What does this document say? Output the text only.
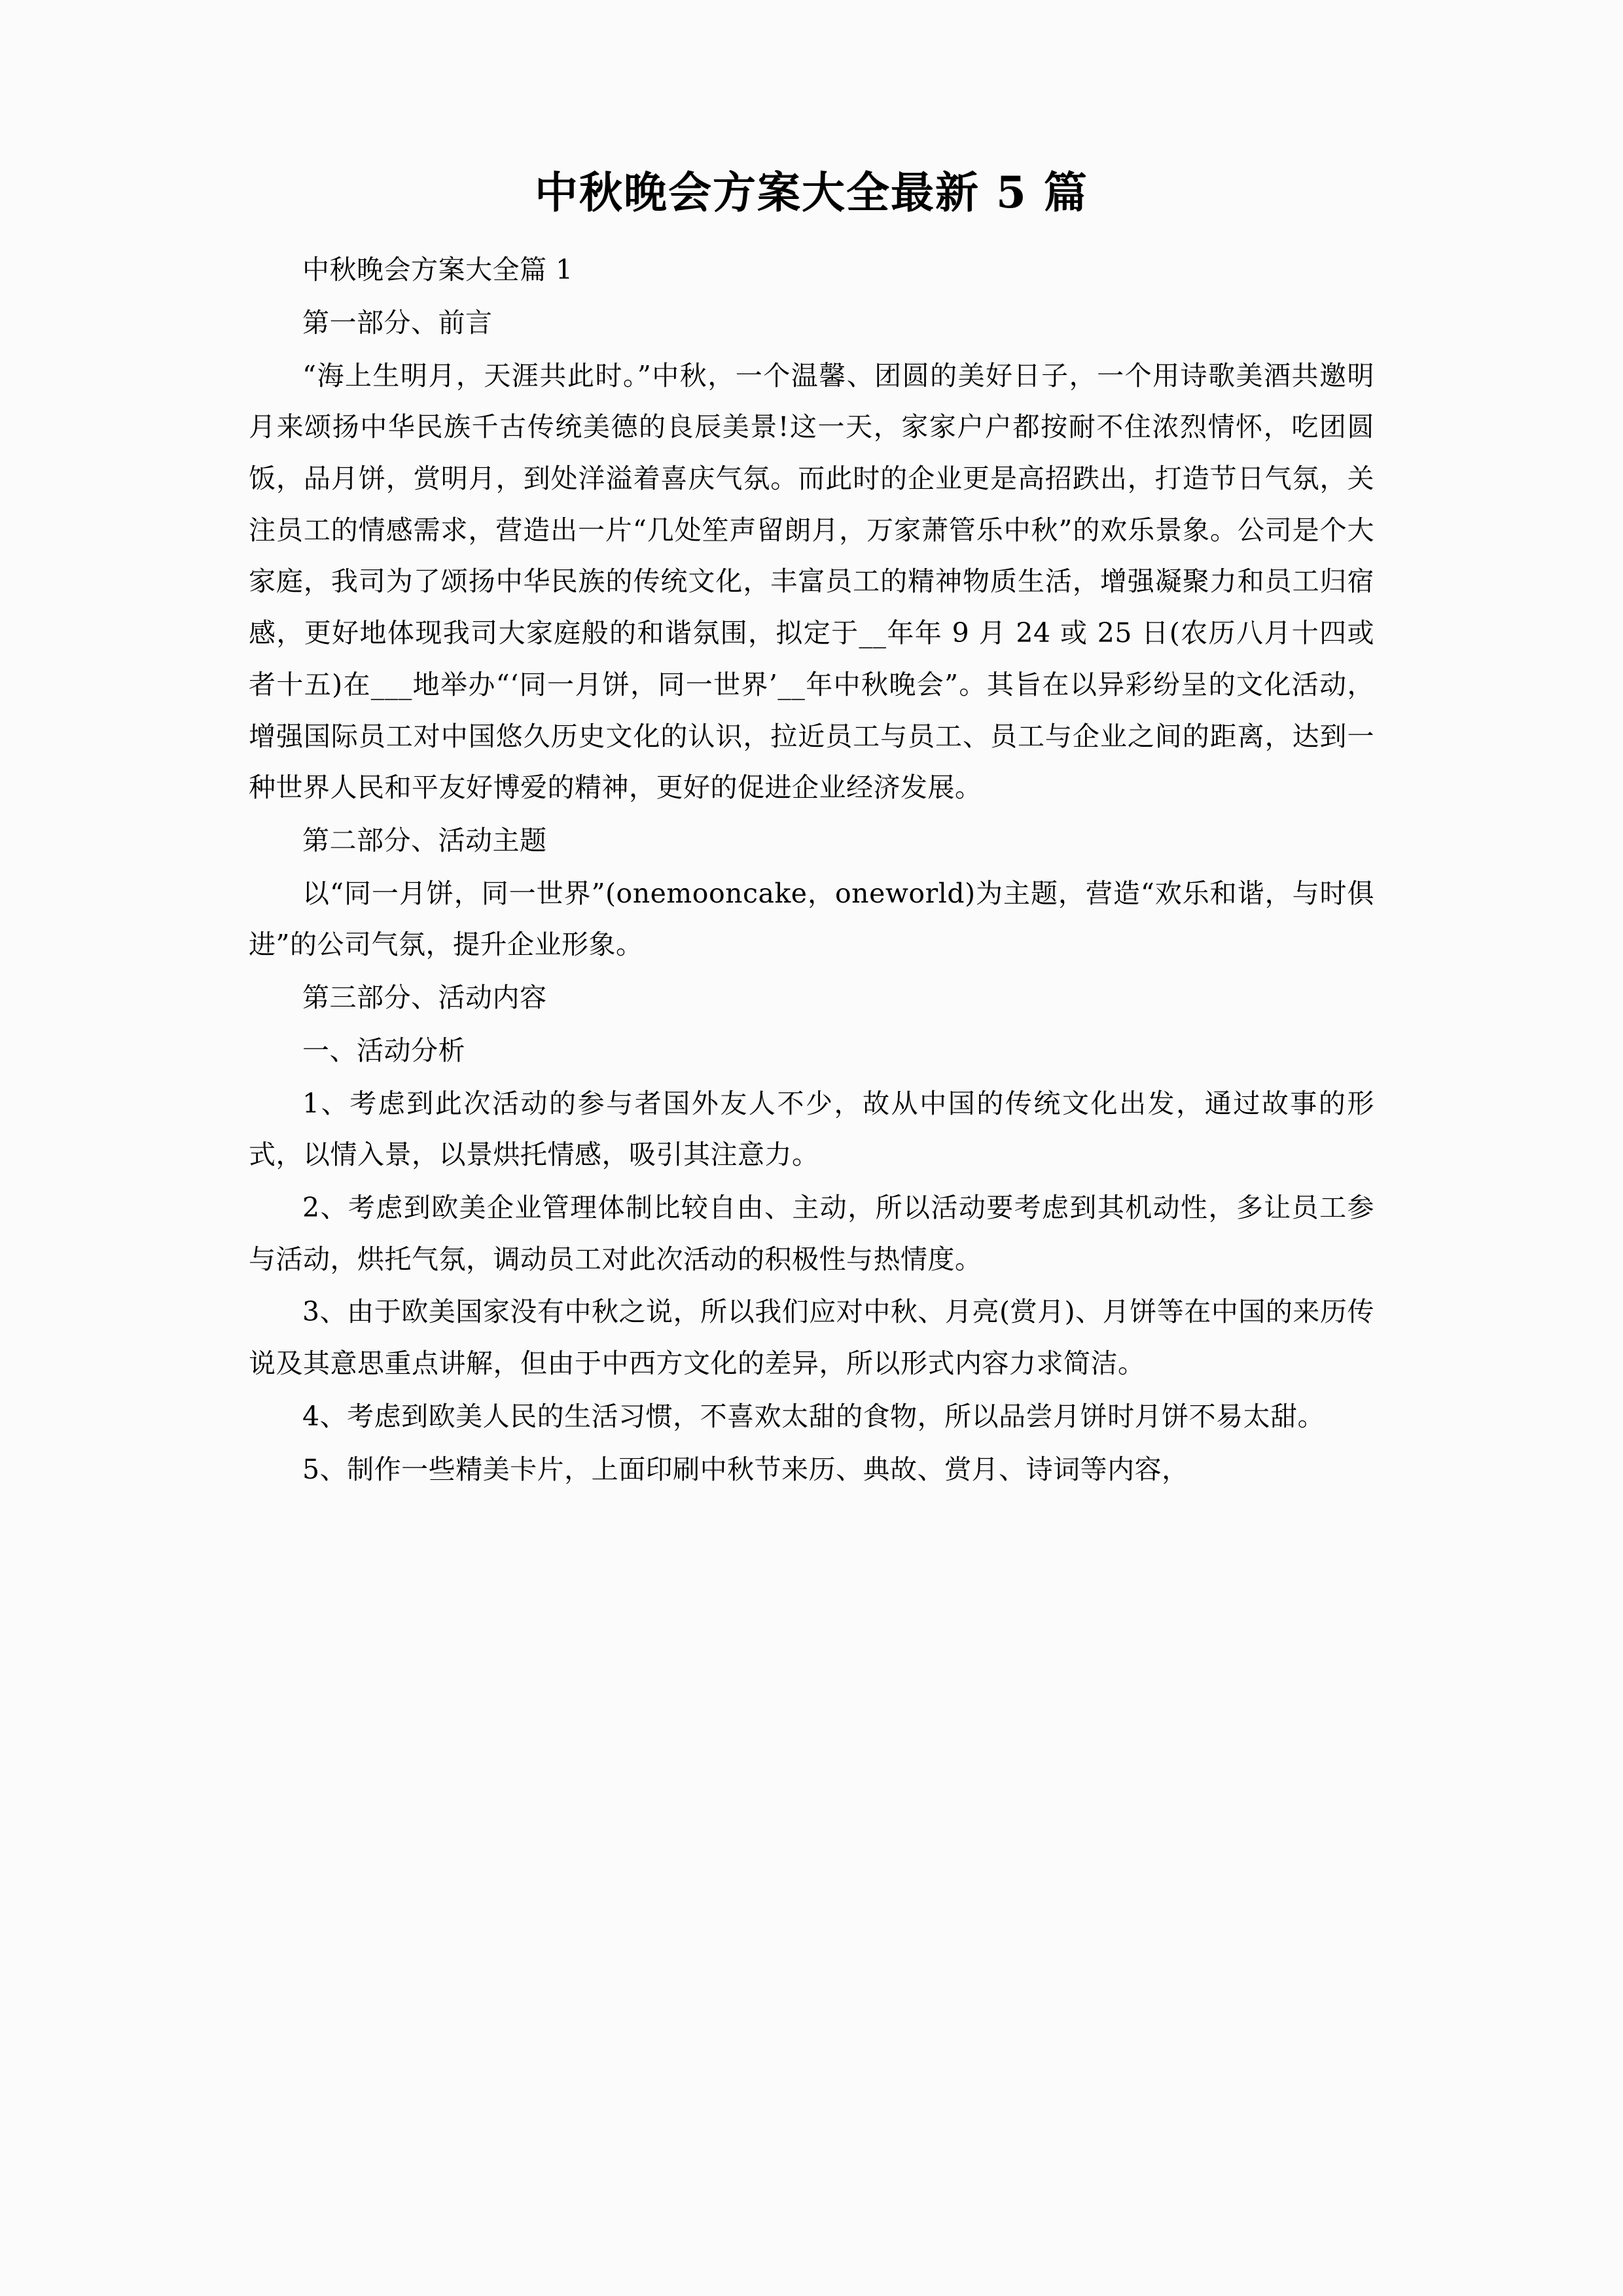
中秋晚会方案大全最新 5 篇

中秋晚会方案大全篇 1

第一部分、前言

“海上生明月，天涯共此时。”中秋，一个温馨、团圆的美好日子，一个用诗歌美酒共邀明月来颂扬中华民族千古传统美德的良辰美景!这一天，家家户户都按耐不住浓烈情怀，吃团圆饭，品月饼，赏明月，到处洋溢着喜庆气氛。而此时的企业更是高招跌出，打造节日气氛，关注员工的情感需求，营造出一片“几处笙声留朗月，万家萧管乐中秋”的欢乐景象。公司是个大家庭，我司为了颂扬中华民族的传统文化，丰富员工的精神物质生活，增强凝聚力和员工归宿感，更好地体现我司大家庭般的和谐氛围，拟定于__年年 9 月 24 或 25 日(农历八月十四或者十五)在___地举办“‘同一月饼，同一世界’__年中秋晚会”。其旨在以异彩纷呈的文化活动，增强国际员工对中国悠久历史文化的认识，拉近员工与员工、员工与企业之间的距离，达到一种世界人民和平友好博爱的精神，更好的促进企业经济发展。

第二部分、活动主题

以“同一月饼，同一世界”(onemooncake，oneworld)为主题，营造“欢乐和谐，与时俱进”的公司气氛，提升企业形象。

第三部分、活动内容

一、活动分析

1、考虑到此次活动的参与者国外友人不少，故从中国的传统文化出发，通过故事的形式，以情入景，以景烘托情感，吸引其注意力。

2、考虑到欧美企业管理体制比较自由、主动，所以活动要考虑到其机动性，多让员工参与活动，烘托气氛，调动员工对此次活动的积极性与热情度。

3、由于欧美国家没有中秋之说，所以我们应对中秋、月亮(赏月)、月饼等在中国的来历传说及其意思重点讲解，但由于中西方文化的差异，所以形式内容力求简洁。

4、考虑到欧美人民的生活习惯，不喜欢太甜的食物，所以品尝月饼时月饼不易太甜。

5、制作一些精美卡片，上面印刷中秋节来历、典故、赏月、诗词等内容，
